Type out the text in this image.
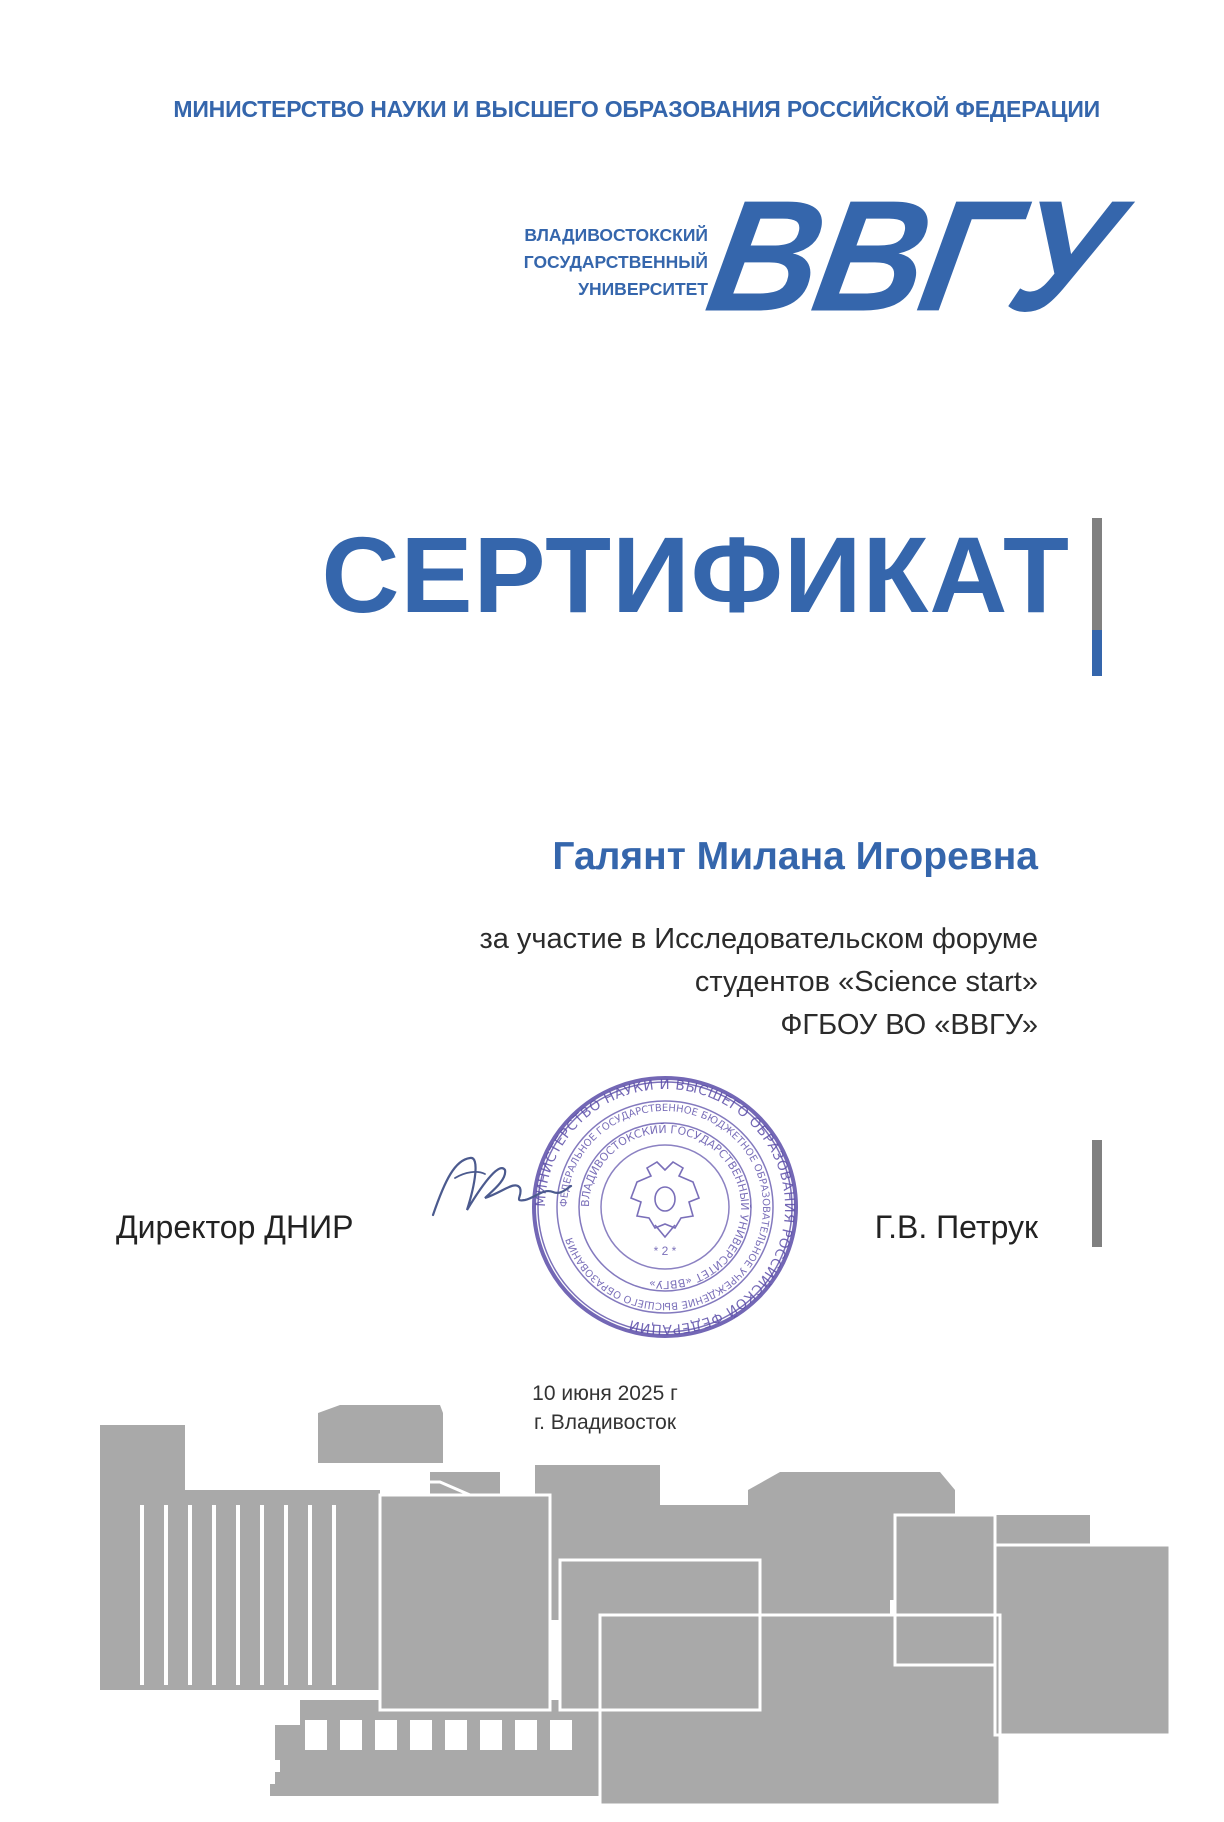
МИНИСТЕРСТВО НАУКИ И ВЫСШЕГО ОБРАЗОВАНИЯ РОССИЙСКОЙ ФЕДЕРАЦИИ
ВЛАДИВОСТОКСКИЙ
ГОСУДАРСТВЕННЫЙ
УНИВЕРСИТЕТ
ВВГУ
СЕРТИФИКАТ
Галянт Милана Игоревна
за участие в Исследовательском форуме
студентов «Science start»
ФГБОУ ВО «ВВГУ»
МИНИСТЕРСТВО НАУКИ И ВЫСШЕГО ОБРАЗОВАНИЯ РОССИЙСКОЙ ФЕДЕРАЦИИ
ФЕДЕРАЛЬНОЕ ГОСУДАРСТВЕННОЕ БЮДЖЕТНОЕ ОБРАЗОВАТЕЛЬНОЕ УЧРЕЖДЕНИЕ ВЫСШЕГО ОБРАЗОВАНИЯ
ВЛАДИВОСТОКСКИЙ ГОСУДАРСТВЕННЫЙ УНИВЕРСИТЕТ «ВВГУ»
* 2 *
Директор ДНИР	Г.В. Петрук
10 июня 2025 г
г. Владивосток
